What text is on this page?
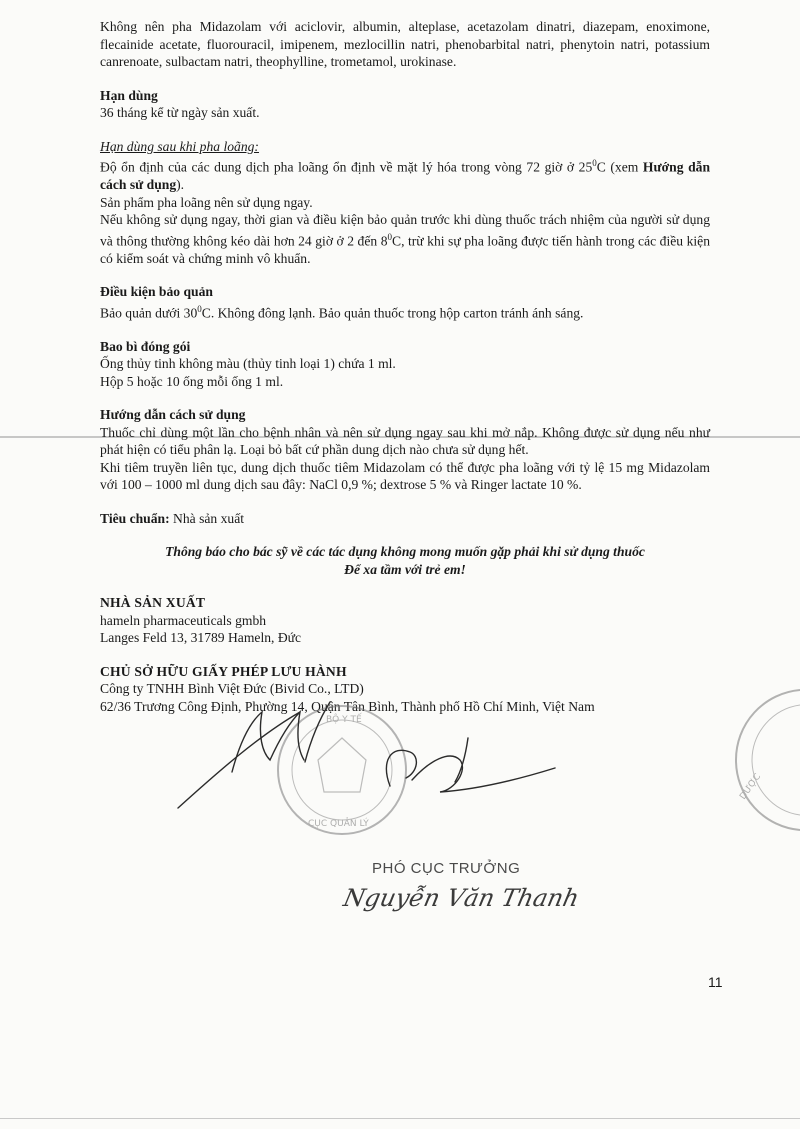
Không nên pha Midazolam với aciclovir, albumin, alteplase, acetazolam dinatri, diazepam, enoximone, flecainide acetate, fluorouracil, imipenem, mezlocillin natri, phenobarbital natri, phenytoin natri, potassium canrenoate, sulbactam natri, theophylline, trometamol, urokinase.

Hạn dùng

36 tháng kể từ ngày sản xuất.

Hạn dùng sau khi pha loãng:

Độ ổn định của các dung dịch pha loãng ổn định về mặt lý hóa trong vòng 72 giờ ở $25^0C$ (xem Hướng dẫn cách sử dụng).

Sản phẩm pha loãng nên sử dụng ngay.

Nếu không sử dụng ngay, thời gian và điều kiện bảo quản trước khi dùng thuốc trách nhiệm của người sử dụng và thông thường không kéo dài hơn 24 giờ ở 2 đến $8^0C$, trừ khi sự pha loãng được tiến hành trong các điều kiện có kiểm soát và chứng minh vô khuẩn.

Điều kiện bảo quản

Bảo quản dưới $30^0C$. Không đông lạnh. Bảo quản thuốc trong hộp carton tránh ánh sáng.

Bao bì đóng gói

Ống thủy tinh không màu (thủy tinh loại 1) chứa 1 ml.

Hộp 5 hoặc 10 ống mỗi ống 1 ml.

Hướng dẫn cách sử dụng

Thuốc chỉ dùng một lần cho bệnh nhân và nên sử dụng ngay sau khi mở nắp. Không được sử dụng nếu như phát hiện có tiểu phân lạ. Loại bỏ bất cứ phần dung dịch nào chưa sử dụng hết.

Khi tiêm truyền liên tục, dung dịch thuốc tiêm Midazolam có thể được pha loãng với tỷ lệ 15 mg Midazolam với 100 – 1000 ml dung dịch sau đây: NaCl 0,9 %; dextrose 5 % và Ringer lactate 10 %.

Tiêu chuẩn: Nhà sản xuất

Thông báo cho bác sỹ về các tác dụng không mong muốn gặp phải khi sử dụng thuốc

Để xa tầm với trẻ em!

NHÀ SẢN XUẤT

hameln pharmaceuticals gmbh

Langes Feld 13, 31789 Hameln, Đức

CHỦ SỞ HỮU GIẤY PHÉP LƯU HÀNH

Công ty TNHH Bình Việt Đức (Bivid Co., LTD)

62/36 Trương Công Định, Phường 14, Quận Tân Bình, Thành phố Hồ Chí Minh, Việt Nam

BỘ Y TẾ
CỤC QUẢN LÝ
DƯỢC
PHÓ CỤC TRƯỞNG
Nguyễn Văn Thanh
11
